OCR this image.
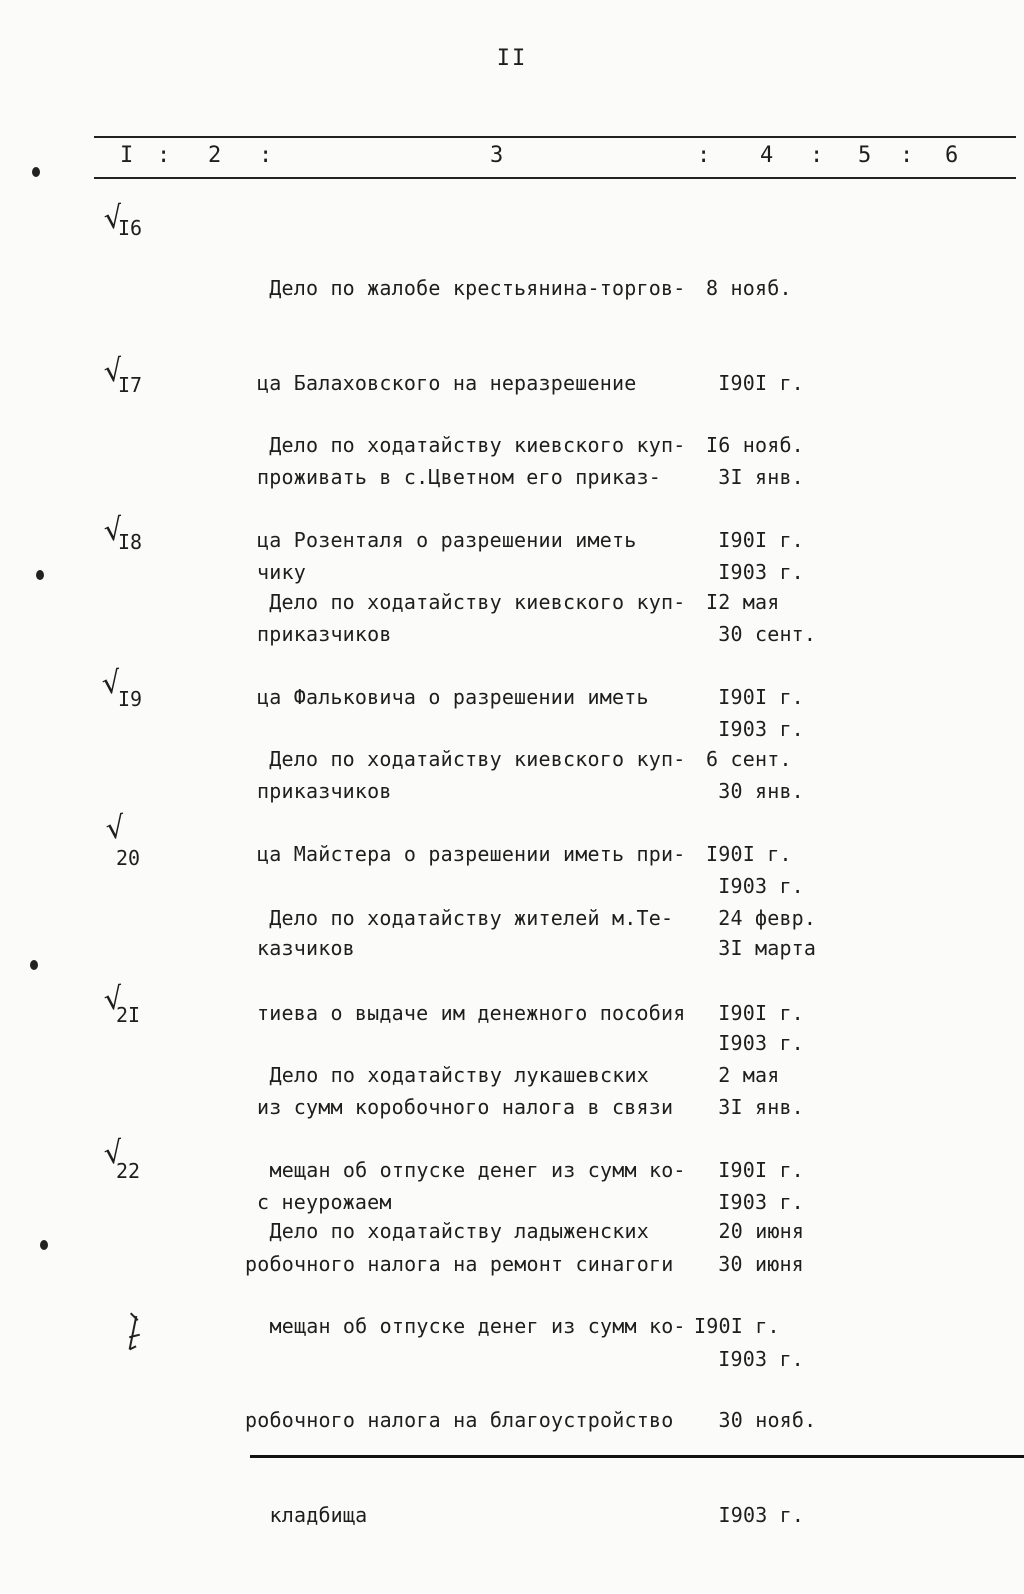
II
I : 2 :	3	: 4 : 5 : 6
√
I6

Дело по жалобе крестьянина-торгов-

ца Балаховского на неразрешение

проживать в с.Цветном его приказ-

чику

8 нояб.

I90I г.

3I янв.

I903 г.

√
I7

Дело по ходатайству киевского куп-

ца Розенталя о разрешении иметь

приказчиков

I6 нояб.

I90I г.

30 сент.

I903 г.

√
I8

Дело по ходатайству киевского куп-

ца Фальковича о разрешении иметь

приказчиков

I2 мая

I90I г.

30 янв.

I903 г.

√
I9

Дело по ходатайству киевского куп-

ца Майстера о разрешении иметь при-

казчиков

6 сент.

I90I г.

3I марта

I903 г.

√
20

Дело по ходатайству жителей м.Те-

тиева о выдаче им денежного пособия

из сумм коробочного налога в связи

с неурожаем

24 февр.

I90I г.

3I янв.

I903 г.

√
2I

Дело по ходатайству лукашевских

мещан об отпуске денег из сумм ко-

робочного налога на ремонт синагоги

2 мая

I90I г.

30 июня

I903 г.

√
22

Дело по ходатайству ладыженских

мещан об отпуске денег из сумм ко-

робочного налога на благоустройство

кладбища

20 июня

I90I г.

30 нояб.

I903 г.
